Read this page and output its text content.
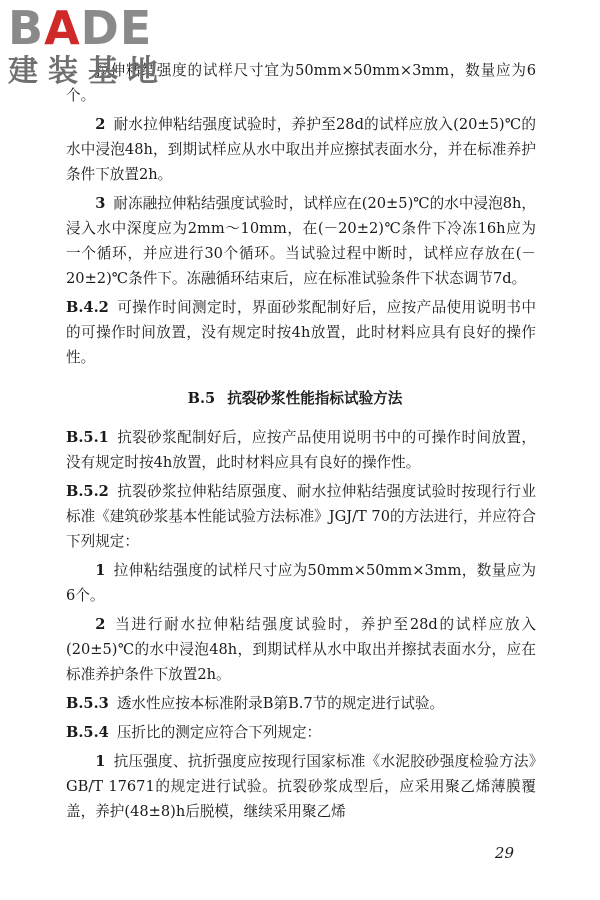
BADE
建装基地

拉伸粘结强度的试样尺寸宜为50mm×50mm×3mm，数量应为6个。

2 耐水拉伸粘结强度试验时，养护至28d的试样应放入(20±5)℃的水中浸泡48h，到期试样应从水中取出并应擦拭表面水分，并在标准养护条件下放置2h。

3 耐冻融拉伸粘结强度试验时，试样应在(20±5)℃的水中浸泡8h，浸入水中深度应为2mm～10mm，在(－20±2)℃条件下冷冻16h应为一个循环，并应进行30个循环。当试验过程中断时，试样应存放在(－20±2)℃条件下。冻融循环结束后，应在标准试验条件下状态调节7d。

B.4.2 可操作时间测定时，界面砂浆配制好后，应按产品使用说明书中的可操作时间放置，没有规定时按4h放置，此时材料应具有良好的操作性。

B.5 抗裂砂浆性能指标试验方法

B.5.1 抗裂砂浆配制好后，应按产品使用说明书中的可操作时间放置，没有规定时按4h放置，此时材料应具有良好的操作性。

B.5.2 抗裂砂浆拉伸粘结原强度、耐水拉伸粘结强度试验时按现行行业标准《建筑砂浆基本性能试验方法标准》JGJ/T 70的方法进行，并应符合下列规定：

1 拉伸粘结强度的试样尺寸应为50mm×50mm×3mm，数量应为6个。

2 当进行耐水拉伸粘结强度试验时，养护至28d的试样应放入(20±5)℃的水中浸泡48h，到期试样从水中取出并擦拭表面水分，应在标准养护条件下放置2h。

B.5.3 透水性应按本标准附录B第B.7节的规定进行试验。

B.5.4 压折比的测定应符合下列规定：

1 抗压强度、抗折强度应按现行国家标准《水泥胶砂强度检验方法》GB/T 17671的规定进行试验。抗裂砂浆成型后，应采用聚乙烯薄膜覆盖，养护(48±8)h后脱模，继续采用聚乙烯

29
